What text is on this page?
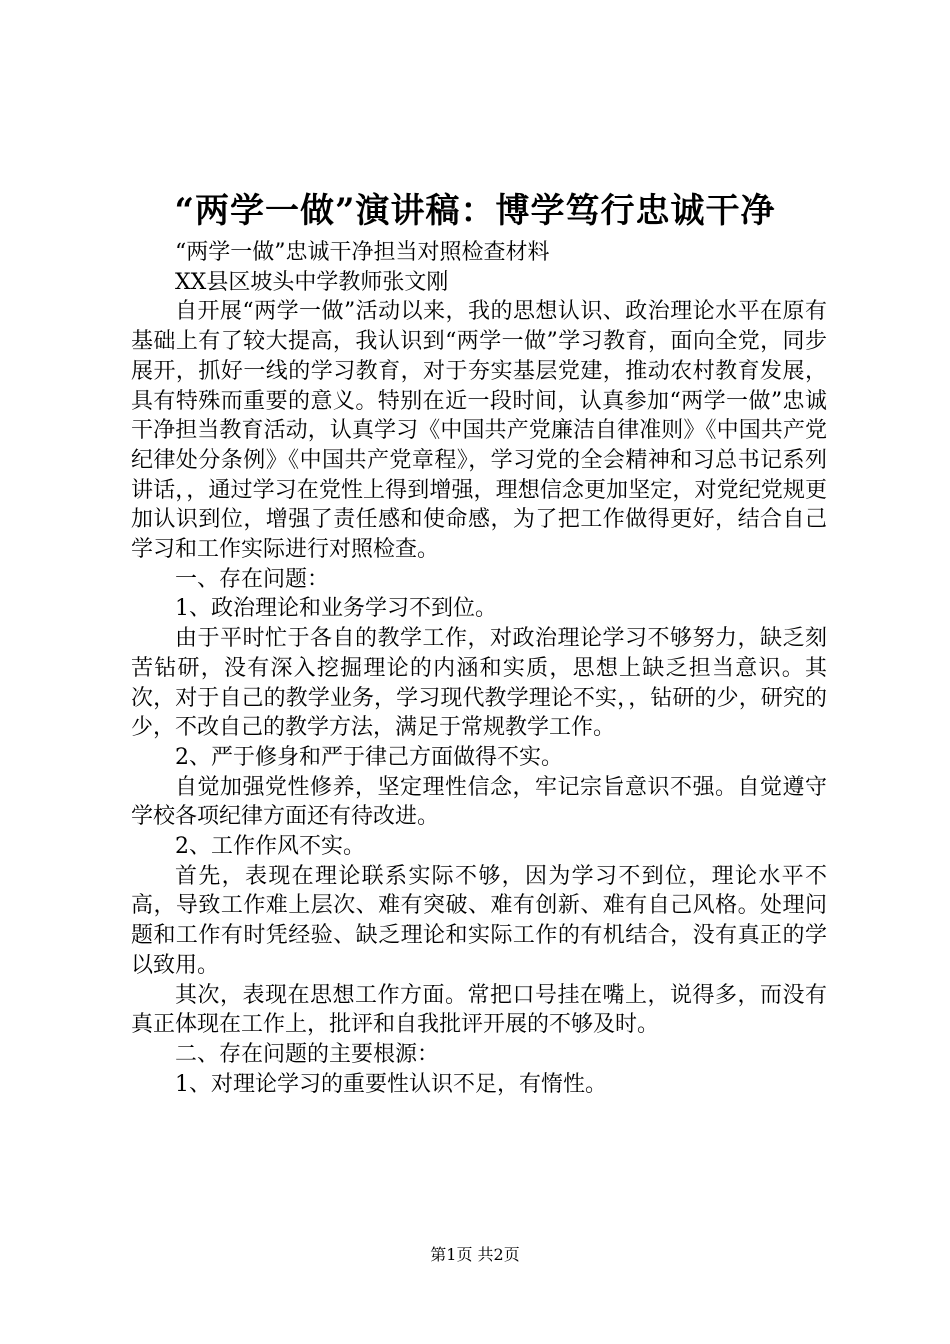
“两学一做”演讲稿：博学笃行忠诚干净

“两学一做”忠诚干净担当对照检查材料

XX县区坡头中学教师张文刚

自开展“两学一做”活动以来，我的思想认识、政治理论水平在原有基础上有了较大提高，我认识到“两学一做”学习教育，面向全党，同步展开，抓好一线的学习教育，对于夯实基层党建，推动农村教育发展，具有特殊而重要的意义。特别在近一段时间，认真参加“两学一做”忠诚干净担当教育活动，认真学习《中国共产党廉洁自律准则》《中国共产党纪律处分条例》《中国共产党章程》，学习党的全会精神和习总书记系列讲话，，通过学习在党性上得到增强，理想信念更加坚定，对党纪党规更加认识到位，增强了责任感和使命感，为了把工作做得更好，结合自己学习和工作实际进行对照检查。

一、存在问题：

1、政治理论和业务学习不到位。

由于平时忙于各自的教学工作，对政治理论学习不够努力，缺乏刻苦钻研，没有深入挖掘理论的内涵和实质，思想上缺乏担当意识。其次，对于自己的教学业务，学习现代教学理论不实，，钻研的少，研究的少，不改自己的教学方法，满足于常规教学工作。

2、严于修身和严于律己方面做得不实。

自觉加强党性修养，坚定理性信念，牢记宗旨意识不强。自觉遵守学校各项纪律方面还有待改进。

2、工作作风不实。

首先，表现在理论联系实际不够，因为学习不到位，理论水平不高，导致工作难上层次、难有突破、难有创新、难有自己风格。处理问题和工作有时凭经验、缺乏理论和实际工作的有机结合，没有真正的学以致用。

其次，表现在思想工作方面。常把口号挂在嘴上，说得多，而没有真正体现在工作上，批评和自我批评开展的不够及时。

二、存在问题的主要根源：

1、对理论学习的重要性认识不足，有惰性。

第1页 共2页
